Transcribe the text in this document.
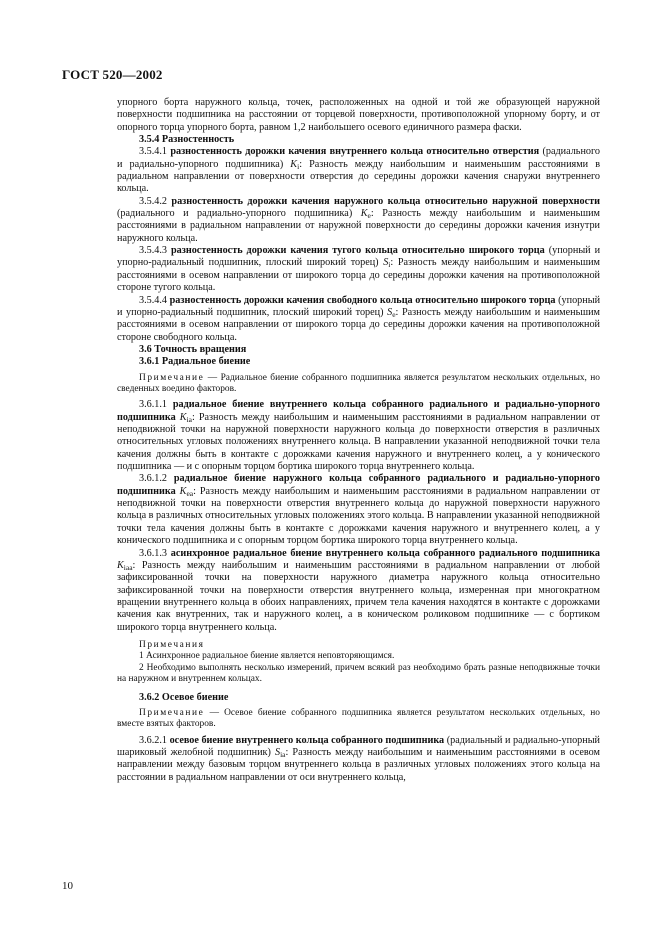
ГОСТ 520—2002

упорного борта наружного кольца, точек, расположенных на одной и той же образующей наружной поверхности подшипника на расстоянии от торцевой поверхности, противоположной упорному борту, и от опорного торца упорного борта, равном 1,2 наибольшего осевого единичного размера фаски.

3.5.4 Разностенность

3.5.4.1 разностенность дорожки качения внутреннего кольца относительно отверстия (радиального и радиально-упорного подшипника) $K_i$: Разность между наибольшим и наименьшим расстояниями в радиальном направлении от поверхности отверстия до середины дорожки качения снаружи внутреннего кольца.

3.5.4.2 разностенность дорожки качения наружного кольца относительно наружной поверхности (радиального и радиально-упорного подшипника) $K_e$: Разность между наибольшим и наименьшим расстояниями в радиальном направлении от наружной поверхности до середины дорожки качения изнутри наружного кольца.

3.5.4.3 разностенность дорожки качения тугого кольца относительно широкого торца (упорный и упорно-радиальный подшипник, плоский широкий торец) $S_i$: Разность между наибольшим и наименьшим расстояниями в осевом направлении от широкого торца до середины дорожки качения на противоположной стороне тугого кольца.

3.5.4.4 разностенность дорожки качения свободного кольца относительно широкого торца (упорный и упорно-радиальный подшипник, плоский широкий торец) $S_e$: Разность между наибольшим и наименьшим расстояниями в осевом направлении от широкого торца до середины дорожки качения на противоположной стороне свободного кольца.

3.6 Точность вращения

3.6.1 Радиальное биение

Примечание — Радиальное биение собранного подшипника является результатом нескольких отдельных, но сведенных воедино факторов.

3.6.1.1 радиальное биение внутреннего кольца собранного радиального и радиально-упорного подшипника $K_{ia}$: Разность между наибольшим и наименьшим расстояниями в радиальном направлении от неподвижной точки на наружной поверхности наружного кольца до поверхности отверстия в различных относительных угловых положениях внутреннего кольца. В направлении указанной неподвижной точки тела качения должны быть в контакте с дорожками качения наружного и внутреннего колец, а у конического подшипника — и с опорным торцом бортика широкого торца внутреннего кольца.

3.6.1.2 радиальное биение наружного кольца собранного радиального и радиально-упорного подшипника $K_{ea}$: Разность между наибольшим и наименьшим расстояниями в радиальном направлении от неподвижной точки на поверхности отверстия внутреннего кольца до наружной поверхности наружного кольца в различных относительных угловых положениях этого кольца. В направлении указанной неподвижной точки тела качения должны быть в контакте с дорожками качения наружного и внутреннего колец, а у конического подшипника и с опорным торцом бортика широкого торца внутреннего кольца.

3.6.1.3 асинхронное радиальное биение внутреннего кольца собранного радиального подшипника $K_{iaa}$: Разность между наибольшим и наименьшим расстояниями в радиальном направлении от любой зафиксированной точки на поверхности наружного диаметра наружного кольца относительно зафиксированной точки на поверхности отверстия внутреннего кольца, измеренная при многократном вращении внутреннего кольца в обоих направлениях, причем тела качения находятся в контакте с дорожками качения как внутренних, так и наружного колец, а в коническом роликовом подшипнике — с бортиком широкого торца внутреннего кольца.

Примечания

1 Асинхронное радиальное биение является неповторяющимся.

2 Необходимо выполнять несколько измерений, причем всякий раз необходимо брать разные неподвижные точки на наружном и внутреннем кольцах.

3.6.2 Осевое биение

Примечание — Осевое биение собранного подшипника является результатом нескольких отдельных, но вместе взятых факторов.

3.6.2.1 осевое биение внутреннего кольца собранного подшипника (радиальный и радиально-упорный шариковый желобной подшипник) $S_{ia}$: Разность между наибольшим и наименьшим расстояниями в осевом направлении между базовым торцом внутреннего кольца в различных угловых положениях этого кольца на расстоянии в радиальном направлении от оси внутреннего кольца,

10
